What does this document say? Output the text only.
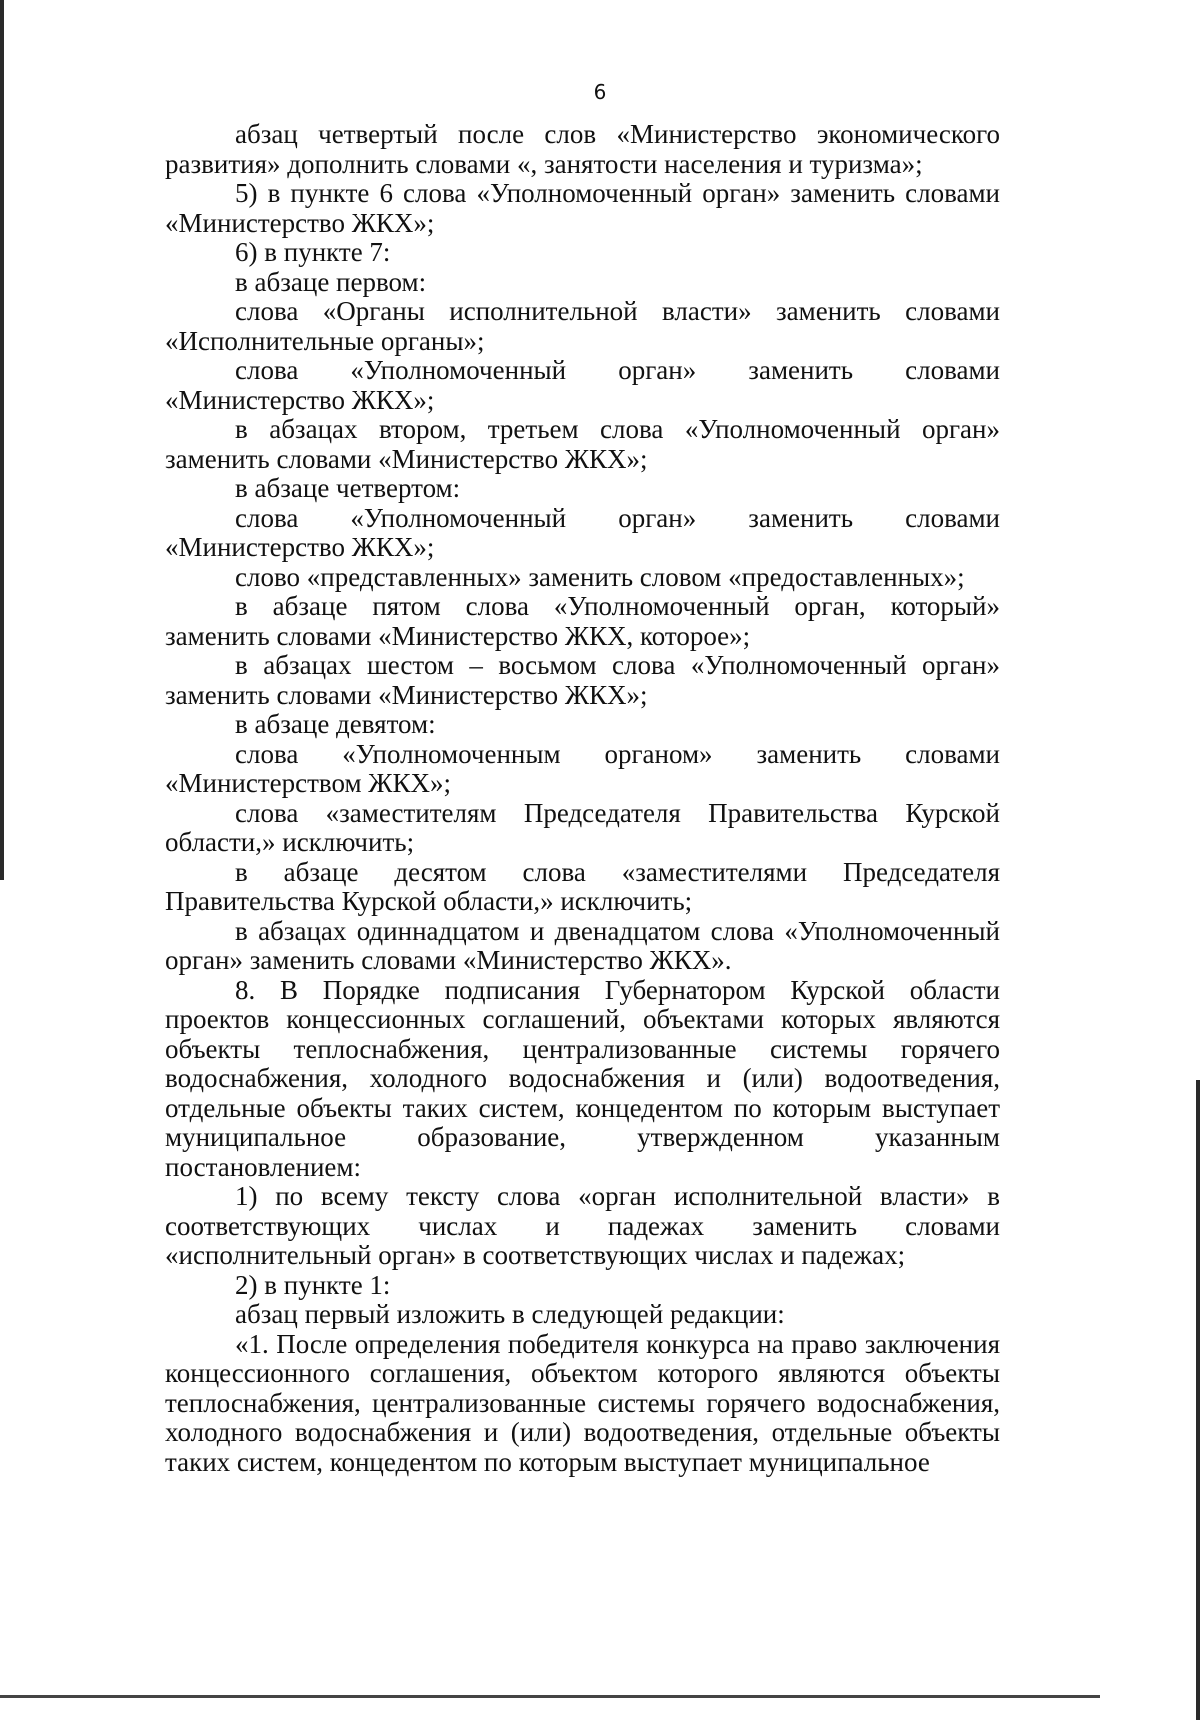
6

абзац четвертый после слов «Министерство экономического развития» дополнить словами «, занятости населения и туризма»;

5) в пункте 6 слова «Уполномоченный орган» заменить словами «Министерство ЖКХ»;

6) в пункте 7:

в абзаце первом:

слова «Органы исполнительной власти» заменить словами «Исполнительные органы»;

слова «Уполномоченный орган» заменить словами «Министерство ЖКХ»;

в абзацах втором, третьем слова «Уполномоченный орган» заменить словами «Министерство ЖКХ»;

в абзаце четвертом:

слова «Уполномоченный орган» заменить словами «Министерство ЖКХ»;

слово «представленных» заменить словом «предоставленных»;

в абзаце пятом слова «Уполномоченный орган, который» заменить словами «Министерство ЖКХ, которое»;

в абзацах шестом – восьмом слова «Уполномоченный орган» заменить словами «Министерство ЖКХ»;

в абзаце девятом:

слова «Уполномоченным органом» заменить словами «Министерством ЖКХ»;

слова «заместителям Председателя Правительства Курской области,» исключить;

в абзаце десятом слова «заместителями Председателя Правительства Курской области,» исключить;

в абзацах одиннадцатом и двенадцатом слова «Уполномоченный орган» заменить словами «Министерство ЖКХ».

8. В Порядке подписания Губернатором Курской области проектов концессионных соглашений, объектами которых являются объекты теплоснабжения, централизованные системы горячего водоснабжения, холодного водоснабжения и (или) водоотведения, отдельные объекты таких систем, концедентом по которым выступает муниципальное образование, утвержденном указанным постановлением:

1) по всему тексту слова «орган исполнительной власти» в соответствующих числах и падежах заменить словами «исполнительный орган» в соответствующих числах и падежах;

2) в пункте 1:

абзац первый изложить в следующей редакции:

«1. После определения победителя конкурса на право заключения концессионного соглашения, объектом которого являются объекты теплоснабжения, централизованные системы горячего водоснабжения, холодного водоснабжения и (или) водоотведения, отдельные объекты таких систем, концедентом по которым выступает муниципальное
